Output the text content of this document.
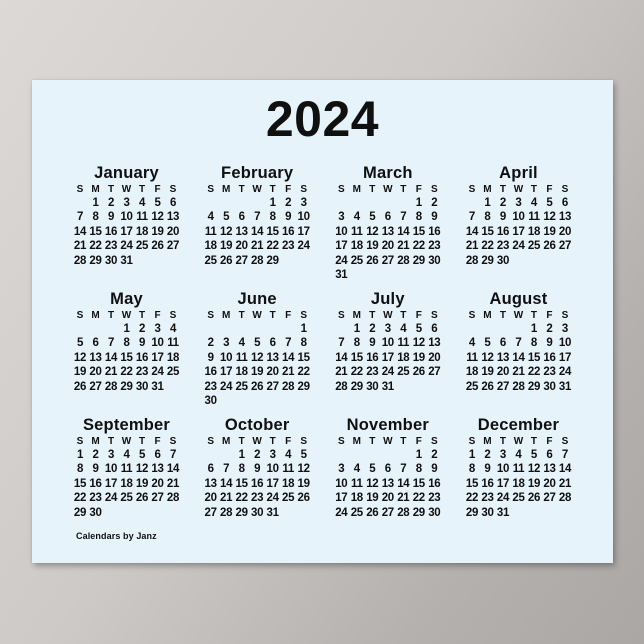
2024
January
S M T W T F S
1 2 3 4 5 6
7 8 9 10 11 12 13
14 15 16 17 18 19 20
21 22 23 24 25 26 27
28 29 30 31
February
S M T W T F S
1 2 3
4 5 6 7 8 9 10
11 12 13 14 15 16 17
18 19 20 21 22 23 24
25 26 27 28 29
March
S M T W T F S
1 2
3 4 5 6 7 8 9
10 11 12 13 14 15 16
17 18 19 20 21 22 23
24 25 26 27 28 29 30
31
April
S M T W T F S
1 2 3 4 5 6
7 8 9 10 11 12 13
14 15 16 17 18 19 20
21 22 23 24 25 26 27
28 29 30
May
S M T W T F S
1 2 3 4
5 6 7 8 9 10 11
12 13 14 15 16 17 18
19 20 21 22 23 24 25
26 27 28 29 30 31
June
S M T W T F S
1
2 3 4 5 6 7 8
9 10 11 12 13 14 15
16 17 18 19 20 21 22
23 24 25 26 27 28 29
30
July
S M T W T F S
1 2 3 4 5 6
7 8 9 10 11 12 13
14 15 16 17 18 19 20
21 22 23 24 25 26 27
28 29 30 31
August
S M T W T F S
1 2 3
4 5 6 7 8 9 10
11 12 13 14 15 16 17
18 19 20 21 22 23 24
25 26 27 28 29 30 31
September
S M T W T F S
1 2 3 4 5 6 7
8 9 10 11 12 13 14
15 16 17 18 19 20 21
22 23 24 25 26 27 28
29 30
October
S M T W T F S
1 2 3 4 5
6 7 8 9 10 11 12
13 14 15 16 17 18 19
20 21 22 23 24 25 26
27 28 29 30 31
November
S M T W T F S
1 2
3 4 5 6 7 8 9
10 11 12 13 14 15 16
17 18 19 20 21 22 23
24 25 26 27 28 29 30
December
S M T W T F S
1 2 3 4 5 6 7
8 9 10 11 12 13 14
15 16 17 18 19 20 21
22 23 24 25 26 27 28
29 30 31
Calendars by Janz
